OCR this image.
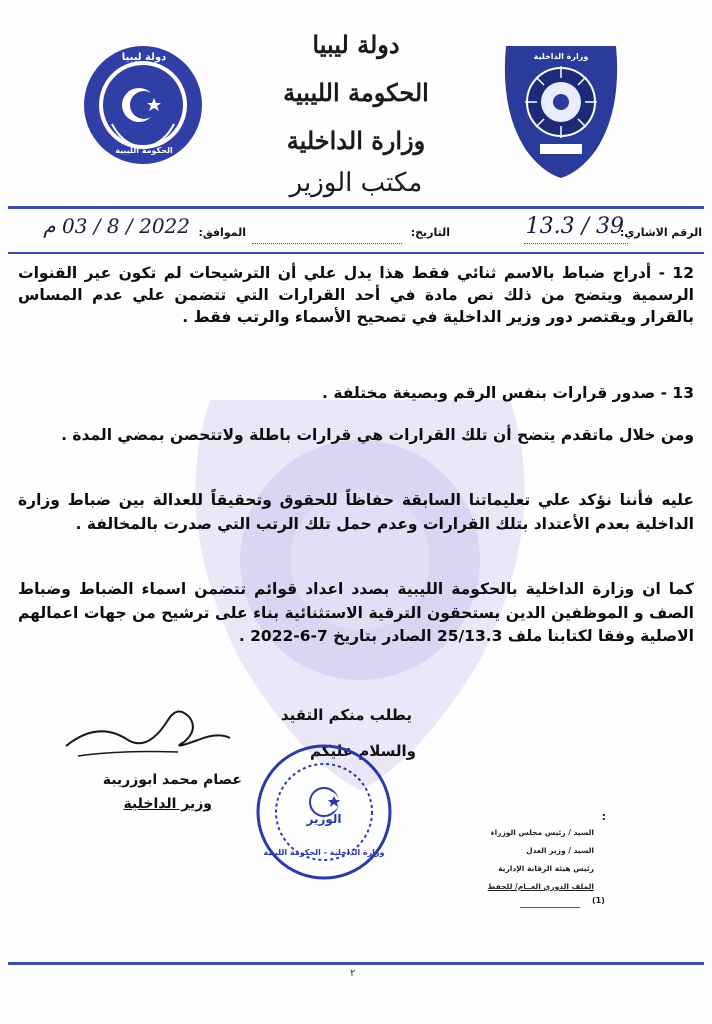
دولة ليبيا
الحكومة الليبية
دولة ليبيا
الحكومة الليبية
وزارة الداخلية
مكتب الوزير
وزارة الداخلية
الرقم الاشاري:
39 / 13.3
التاريخ:
الموافق:
2022 / 8 / 03 م
12 - أدراج ضباط بالاسم ثنائي فقط هذا يدل علي أن الترشيحات لم تكون عير القنوات الرسمية ويتضح من ذلك نص مادة في أحد القرارات التي تتضمن علي عدم المساس بالقرار ويقتصر دور وزير الداخلية في تصحيح الأسماء والرتب فقط .
13 - صدور قرارات بنفس الرقم وبصيغة مختلفة .
ومن خلال ماتقدم يتضح أن تلك القرارات هي قرارات باطلة ولاتتحصن بمضي المدة .
عليه فأننا نؤكد علي تعليماتنا السابقة حفاظاً للحقوق وتحقيقاً للعدالة بين ضباط وزارة الداخلية بعدم الأعتداد بتلك القرارات وعدم حمل تلك الرتب التي صدرت بالمخالفة .
كما ان وزارة الداخلية بالحكومة الليبية بصدد اعداد قوائم تتضمن اسماء الضباط وضباط الصف و الموظفين الدين يستحقون الترقية الاستثنائية بناء على ترشيح من جهات اعمالهم الاصلية وفقا لكتابنا ملف 25/13.3 الصادر بتاريخ 7-6-2022 .
يطلب منكم التقيد
والسلام عليكم
عصام محمد ابوزريبة
وزير الداخلية
الوزير
وزارة الداخلية - الحكومة الليبية
:
السيد / رئيس مجلس الوزراء
السيد / وزير العدل
رئيس هيئة الرقابة الإدارية
الملف الدوري العــام/ للحفظ
(1)
٢
